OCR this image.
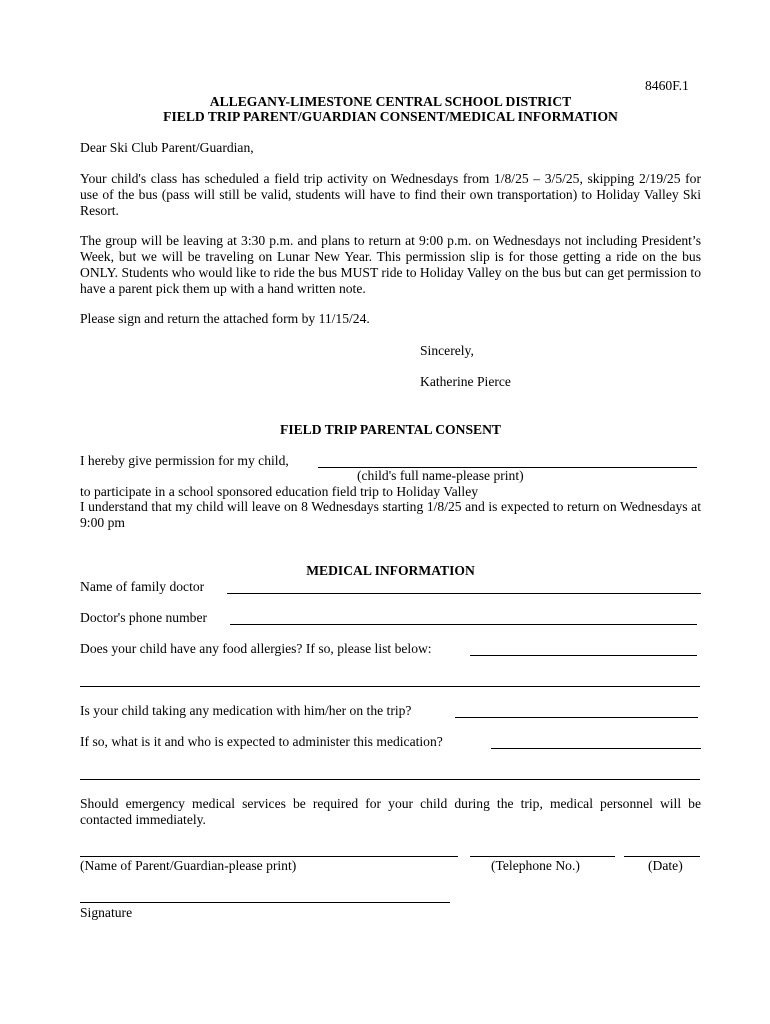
8460F.1
ALLEGANY-LIMESTONE CENTRAL SCHOOL DISTRICT
FIELD TRIP PARENT/GUARDIAN CONSENT/MEDICAL INFORMATION
Dear Ski Club Parent/Guardian,
Your child's class has scheduled a field trip activity on Wednesdays from 1/8/25 – 3/5/25, skipping 2/19/25 for use of the bus (pass will still be valid, students will have to find their own transportation) to Holiday Valley Ski Resort.
The group will be leaving at 3:30 p.m. and plans to return at 9:00 p.m. on Wednesdays not including President’s Week, but we will be traveling on Lunar New Year. This permission slip is for those getting a ride on the bus ONLY. Students who would like to ride the bus MUST ride to Holiday Valley on the bus but can get permission to have a parent pick them up with a hand written note.
Please sign and return the attached form by 11/15/24.
Sincerely,
Katherine Pierce
FIELD TRIP PARENTAL CONSENT
I hereby give permission for my child,
(child's full name-please print)
to participate in a school sponsored education field trip to Holiday Valley
I understand that my child will leave on 8 Wednesdays starting 1/8/25 and is expected to return on Wednesdays at 9:00 pm
MEDICAL INFORMATION
Name of family doctor
Doctor's phone number
Does your child have any food allergies? If so, please list below:
Is your child taking any medication with him/her on the trip?
If so, what is it and who is expected to administer this medication?
Should emergency medical services be required for your child during the trip, medical personnel will be contacted immediately.
(Name of Parent/Guardian-please print)	(Telephone No.)	(Date)
Signature
